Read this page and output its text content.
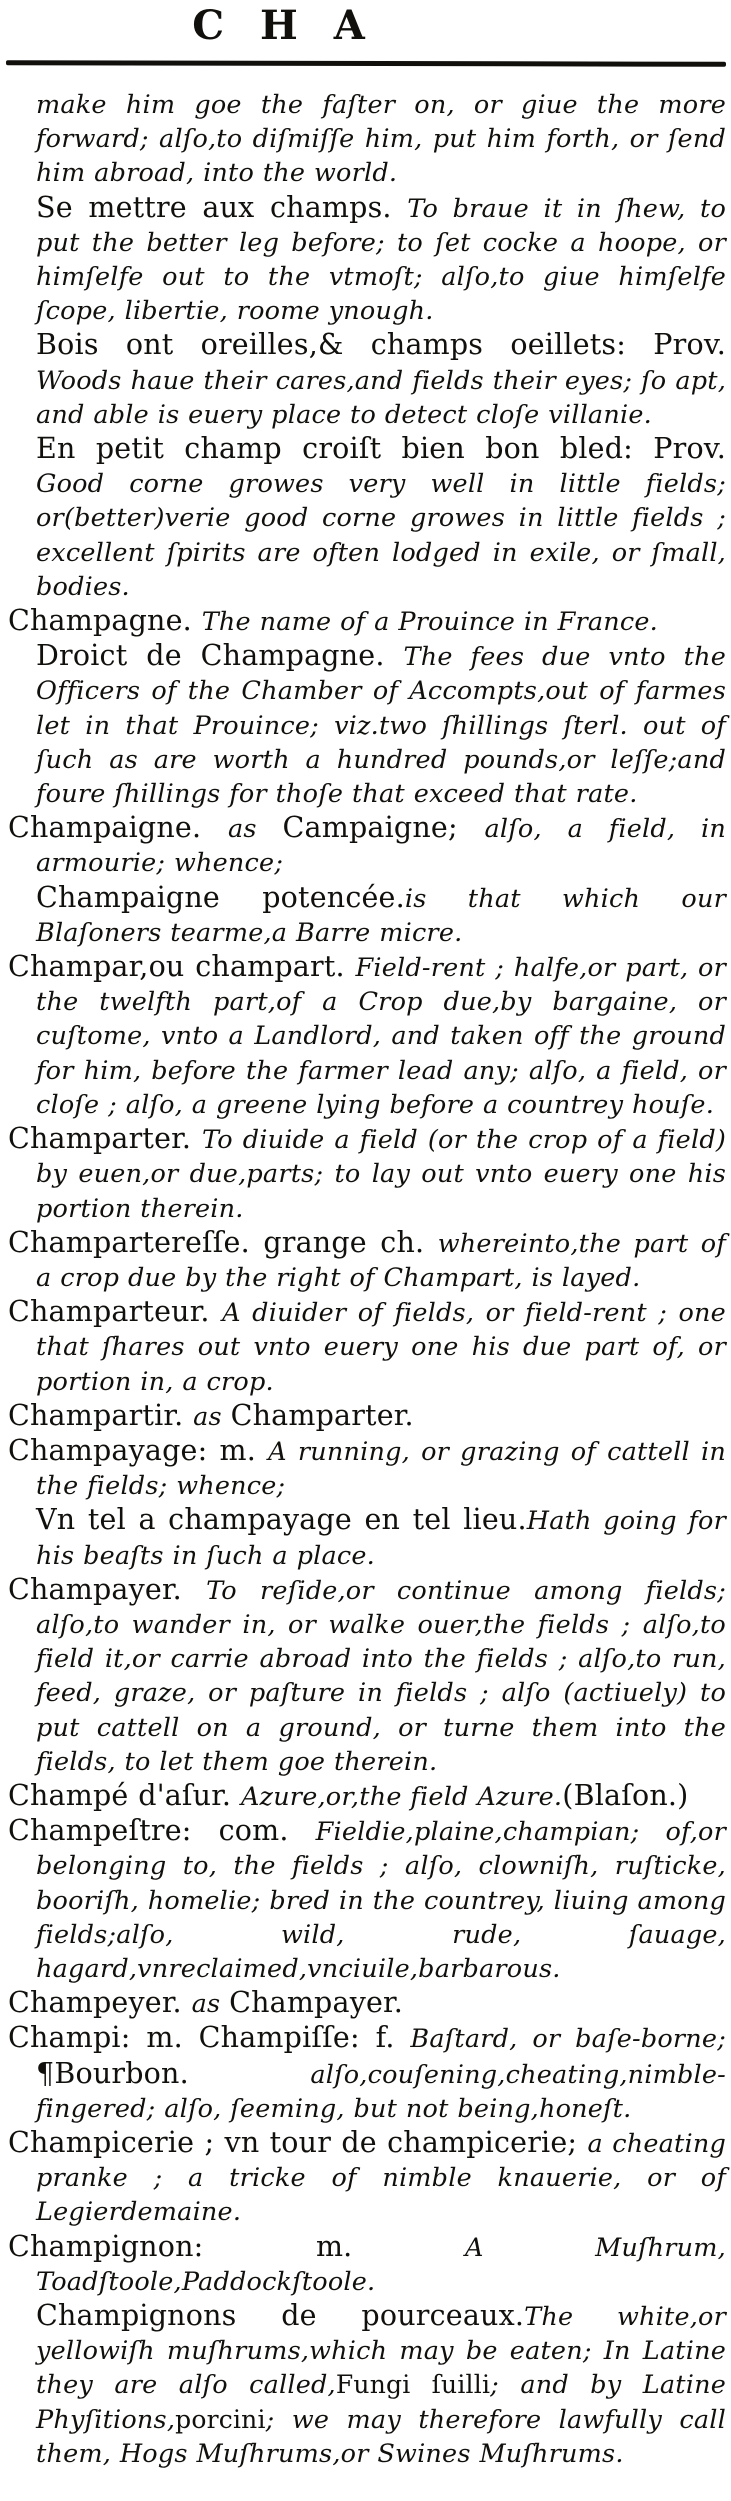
C H A

make him goe the faſter on, or giue the more forward; alſo,to diſmiſſe him, put him forth, or ſend him abroad, into the world.

Se mettre aux champs. To braue it in ſhew, to put the better leg before; to ſet cocke a hoope, or himſelfe out to the vtmoſt; alſo,to giue himſelfe ſcope, libertie, roome ynough.

Bois ont oreilles,& champs oeillets: Prov. Woods haue their cares,and fields their eyes; ſo apt, and able is euery place to detect cloſe villanie.

En petit champ croiſt bien bon bled: Prov. Good corne growes very well in little fields; or(better)verie good corne growes in little fields ; excellent ſpirits are often lodged in exile, or ſmall, bodies.

Champagne. The name of a Prouince in France.

Droict de Champagne. The fees due vnto the Officers of the Chamber of Accompts,out of farmes let in that Prouince; viz.two ſhillings ſterl. out of ſuch as are worth a hundred pounds,or leſſe;and foure ſhillings for thoſe that exceed that rate.

Champaigne. as Campaigne; alſo, a field, in armourie; whence;

Champaigne potencée.is that which our Blaſoners tearme,a Barre micre.

Champar,ou champart. Field-rent ; halfe,or part, or the twelfth part,of a Crop due,by bargaine, or cuſtome, vnto a Landlord, and taken off the ground for him, before the farmer lead any; alſo, a field, or cloſe ; alſo, a greene lying before a countrey houſe.

Champarter. To diuide a field (or the crop of a field) by euen,or due,parts; to lay out vnto euery one his portion therein.

Champartereſſe. grange ch. whereinto,the part of a crop due by the right of Champart, is layed.

Champarteur. A diuider of fields, or field-rent ; one that ſhares out vnto euery one his due part of, or portion in, a crop.

Champartir. as Champarter.

Champayage: m. A running, or grazing of cattell in the fields; whence;

Vn tel a champayage en tel lieu.Hath going for his beaſts in ſuch a place.

Champayer. To reſide,or continue among fields; alſo,to wander in, or walke ouer,the fields ; alſo,to field it,or carrie abroad into the fields ; alſo,to run, feed, graze, or paſture in fields ; alſo (actiuely) to put cattell on a ground, or turne them into the fields, to let them goe therein.

Champé d'aſur. Azure,or,the field Azure.(Blaſon.)

Champeſtre: com. Fieldie,plaine,champian; of,or belonging to, the fields ; alſo, clowniſh, ruſticke, booriſh, homelie; bred in the countrey, liuing among fields;alſo, wild, rude, ſauage, hagard,vnreclaimed,vnciuile,barbarous.

Champeyer. as Champayer.

Champi: m. Champiſſe: f. Baſtard, or baſe-borne; ¶Bourbon. alſo,couſening,cheating,nimble-fingered; alſo, ſeeming, but not being,honeſt.

Champicerie ; vn tour de champicerie; a cheating pranke ; a tricke of nimble knauerie, or of Legierdemaine.

Champignon: m. A Muſhrum, Toadſtoole,Paddockſtoole.

Champignons de pourceaux.The white,or yellowiſh muſhrums,which may be eaten; In Latine they are alſo called,Fungi ſuilli; and by Latine Phyſitions,porcini; we may therefore lawfully call them, Hogs Muſhrums,or Swines Muſhrums.
